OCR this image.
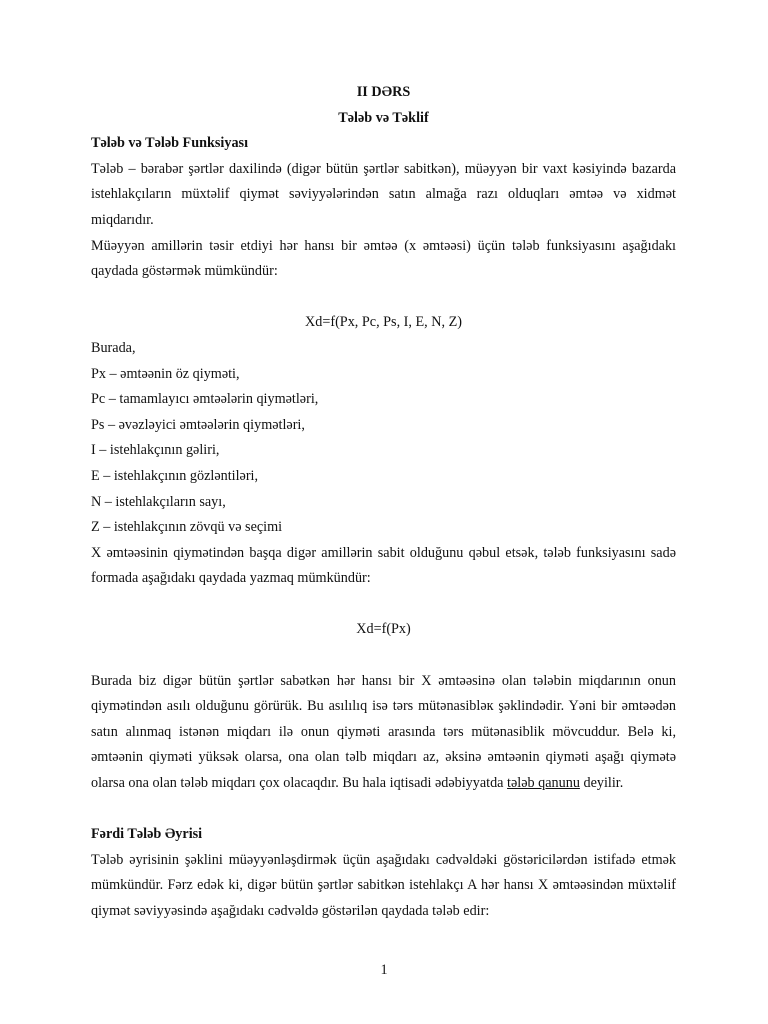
II DƏRS

Tələb və Təklif

Tələb və Tələb Funksiyası

Tələb – bərabər şərtlər daxilində (digər bütün şərtlər sabitkən), müəyyən bir vaxt kəsiyində bazarda istehlakçıların müxtəlif qiymət səviyyələrindən satın almağa razı olduqları əmtəə və xidmət miqdarıdır.

Müəyyən amillərin təsir etdiyi hər hansı bir əmtəə (x əmtəəsi) üçün tələb funksiyasını aşağıdakı qaydada göstərmək mümkündür:

Xd=f(Px, Pc, Ps, I, E, N, Z)

Burada,

Px – əmtəənin öz qiyməti,

Pc – tamamlayıcı əmtəələrin qiymətləri,

Ps – əvəzləyici əmtəələrin qiymətləri,

I – istehlakçının gəliri,

E – istehlakçının gözləntiləri,

N – istehlakçıların sayı,

Z – istehlakçının zövqü və seçimi

X əmtəəsinin qiymətindən başqa digər amillərin sabit olduğunu qəbul etsək, tələb funksiyasını sadə formada aşağıdakı qaydada yazmaq mümkündür:

Xd=f(Px)

Burada biz digər bütün şərtlər sabətkən hər hansı bir X əmtəəsinə olan tələbin miqdarının onun qiymətindən asılı olduğunu görürük. Bu asılılıq isə tərs mütənasibləк şəklindədir. Yəni bir əmtəədən satın alınmaq istənən miqdarı ilə onun qiyməti arasında tərs mütənasiblik mövcuddur. Belə ki, əmtəənin qiyməti yüksək olarsa, ona olan təlb miqdarı az, əksinə əmtəənin qiyməti aşağı qiymətə olarsa ona olan tələb miqdarı çox olacaqdır. Bu hala iqtisadi ədəbiyyatda tələb qanunu deyilir.

Fərdi Tələb Əyrisi

Tələb əyrisinin şəklini müəyyənləşdirmək üçün aşağıdakı cədvəldəki göstəricilərdən istifadə etmək mümkündür. Fərz edək ki, digər bütün şərtlər sabitkən istehlakçı A hər hansı X əmtəəsindən müxtəlif qiymət səviyyəsində aşağıdakı cədvəldə göstərilən qaydada tələb edir:

1
